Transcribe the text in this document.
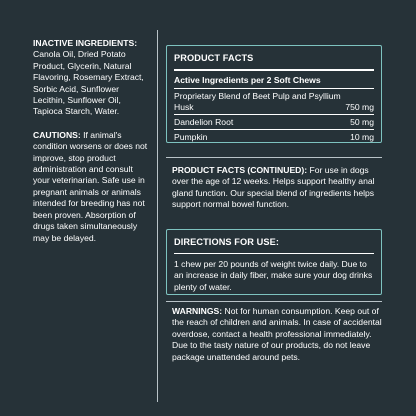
INACTIVE INGREDIENTS:
Canola Oil, Dried Potato Product, Glycerin, Natural Flavoring, Rosemary Extract, Sorbic Acid, Sunflower Lecithin, Sunflower Oil, Tapioca Starch, Water.

CAUTIONS: If animal's condition worsens or does not improve, stop product administration and consult your veterinarian. Safe use in pregnant animals or animals intended for breeding has not been proven. Absorption of drugs taken simultaneously may be delayed.

PRODUCT FACTS
Active Ingredients per 2 Soft Chews
Proprietary Blend of Beet Pulp and Psyllium Husk	750 mg
Dandelion Root	50 mg
Pumpkin	10 mg
PRODUCT FACTS (CONTINUED): For use in dogs over the age of 12 weeks. Helps support healthy anal gland function. Our special blend of ingredients helps support normal bowel function.
DIRECTIONS FOR USE:
1 chew per 20 pounds of weight twice daily. Due to an increase in daily fiber, make sure your dog drinks plenty of water.
WARNINGS: Not for human consumption. Keep out of the reach of children and animals. In case of accidental overdose, contact a health professional immediately. Due to the tasty nature of our products, do not leave package unattended around pets.
